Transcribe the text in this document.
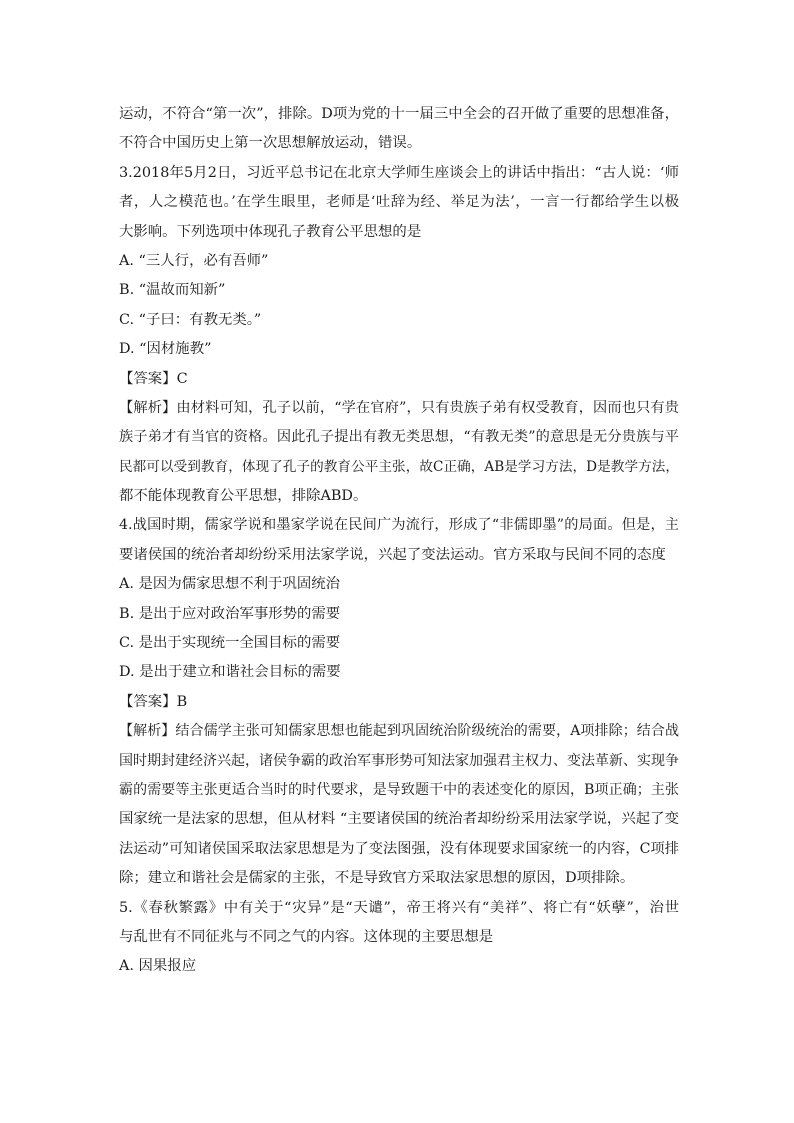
运动，不符合“第一次”，排除。D项为党的十一届三中全会的召开做了重要的思想准备，
不符合中国历史上第一次思想解放运动，错误。
3.2018年5月2日，习近平总书记在北京大学师生座谈会上的讲话中指出：“古人说：‘师
者，人之模范也。’在学生眼里，老师是‘吐辞为经、举足为法’，一言一行都给学生以极
大影响。下列选项中体现孔子教育公平思想的是
A. “三人行，必有吾师”
B. “温故而知新”
C. “子曰：有教无类。”
D. “因材施教”
【答案】C
【解析】由材料可知，孔子以前，“学在官府”，只有贵族子弟有权受教育，因而也只有贵
族子弟才有当官的资格。因此孔子提出有教无类思想，“有教无类”的意思是无分贵族与平
民都可以受到教育，体现了孔子的教育公平主张，故C正确，AB是学习方法，D是教学方法，
都不能体现教育公平思想，排除ABD。
4.战国时期，儒家学说和墨家学说在民间广为流行，形成了“非儒即墨”的局面。但是，主
要诸侯国的统治者却纷纷采用法家学说，兴起了变法运动。官方采取与民间不同的态度
A. 是因为儒家思想不利于巩固统治
B. 是出于应对政治军事形势的需要
C. 是出于实现统一全国目标的需要
D. 是出于建立和谐社会目标的需要
【答案】B
【解析】结合儒学主张可知儒家思想也能起到巩固统治阶级统治的需要，A项排除；结合战
国时期封建经济兴起，诸侯争霸的政治军事形势可知法家加强君主权力、变法革新、实现争
霸的需要等主张更适合当时的时代要求，是导致题干中的表述变化的原因，B项正确；主张
国家统一是法家的思想，但从材料 “主要诸侯国的统治者却纷纷采用法家学说，兴起了变
法运动”可知诸侯国采取法家思想是为了变法图强，没有体现要求国家统一的内容，C项排
除；建立和谐社会是儒家的主张，不是导致官方采取法家思想的原因，D项排除。
5.《春秋繁露》中有关于“灾异”是“天谴”，帝王将兴有“美祥”、将亡有“妖孽”，治世
与乱世有不同征兆与不同之气的内容。这体现的主要思想是
A. 因果报应
